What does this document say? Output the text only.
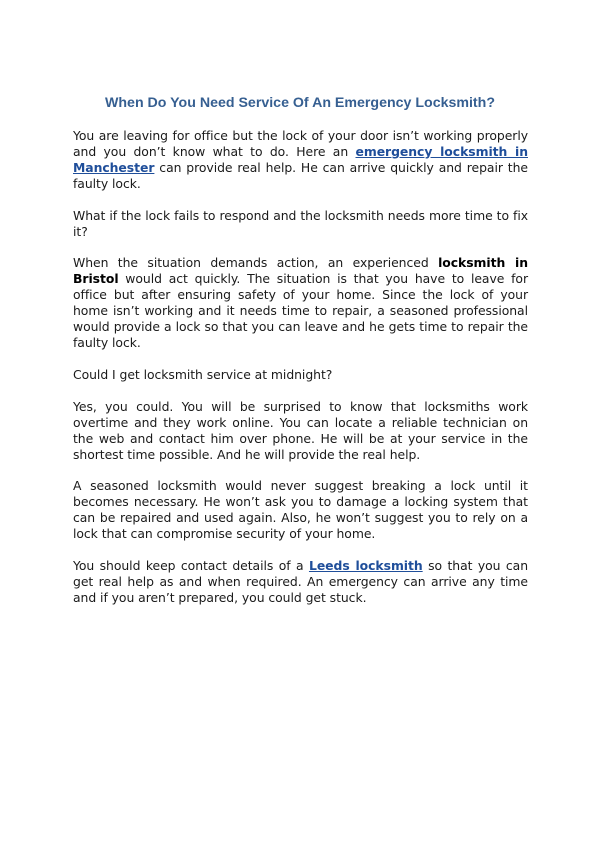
When Do You Need Service Of An Emergency Locksmith?

You are leaving for office but the lock of your door isn’t working properly and you don’t know what to do. Here an emergency locksmith in Manchester can provide real help. He can arrive quickly and repair the faulty lock.

What if the lock fails to respond and the locksmith needs more time to fix it?

When the situation demands action, an experienced locksmith in Bristol would act quickly. The situation is that you have to leave for office but after ensuring safety of your home. Since the lock of your home isn’t working and it needs time to repair, a seasoned professional would provide a lock so that you can leave and he gets time to repair the faulty lock.

Could I get locksmith service at midnight?

Yes, you could. You will be surprised to know that locksmiths work overtime and they work online. You can locate a reliable technician on the web and contact him over phone. He will be at your service in the shortest time possible. And he will provide the real help.

A seasoned locksmith would never suggest breaking a lock until it becomes necessary. He won’t ask you to damage a locking system that can be repaired and used again. Also, he won’t suggest you to rely on a lock that can compromise security of your home.

You should keep contact details of a Leeds locksmith so that you can get real help as and when required. An emergency can arrive any time and if you aren’t prepared, you could get stuck.
